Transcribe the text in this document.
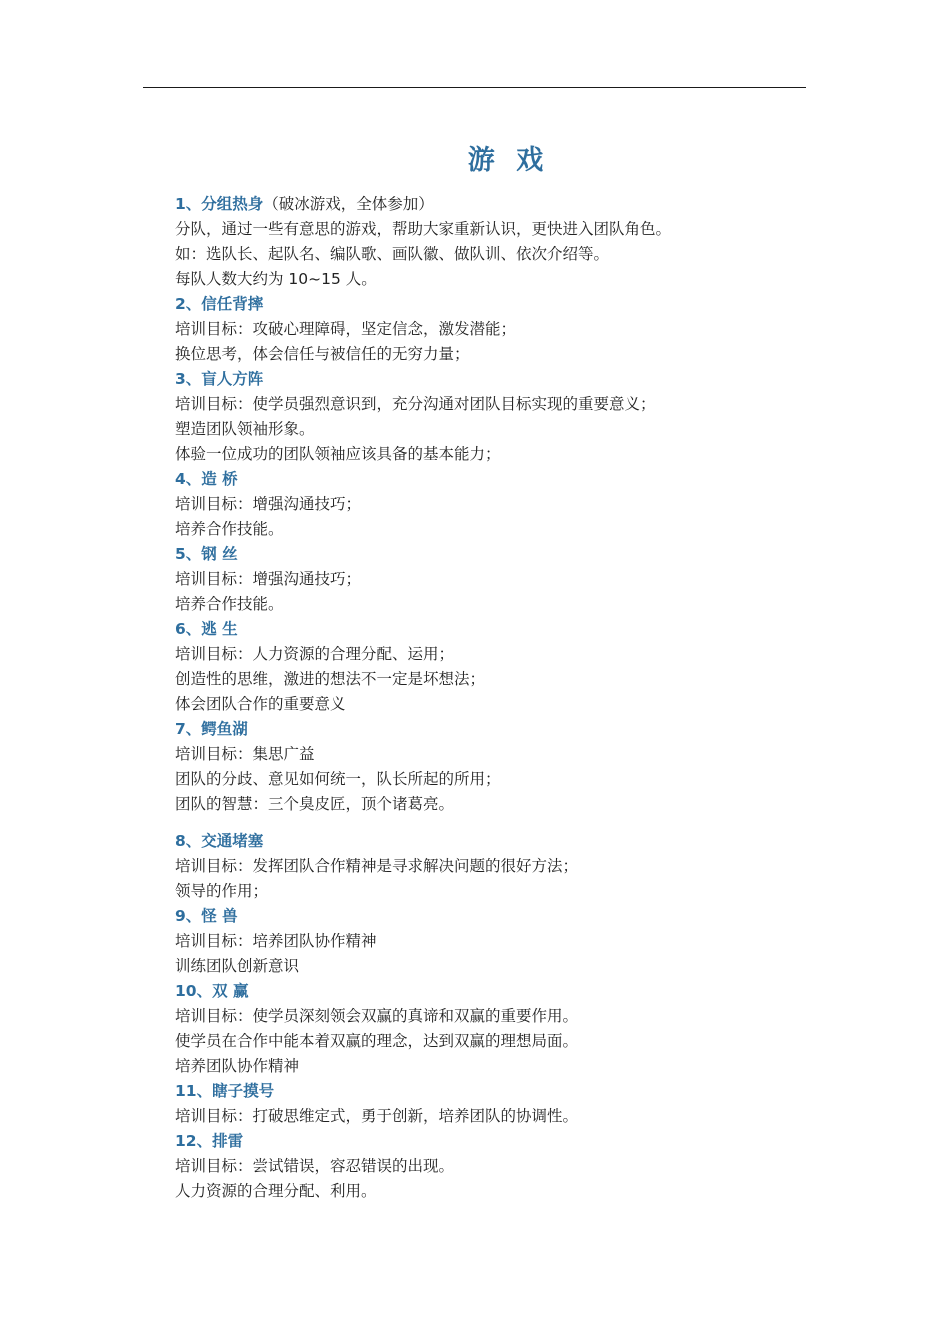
游 戏
1、分组热身（破冰游戏，全体参加）
分队，通过一些有意思的游戏，帮助大家重新认识，更快进入团队角色。
如：选队长、起队名、编队歌、画队徽、做队训、依次介绍等。
每队人数大约为 10~15 人。
2、信任背摔
培训目标：攻破心理障碍，坚定信念，激发潜能；
换位思考，体会信任与被信任的无穷力量；
3、盲人方阵
培训目标：使学员强烈意识到，充分沟通对团队目标实现的重要意义；
塑造团队领袖形象。
体验一位成功的团队领袖应该具备的基本能力；
4、造 桥
培训目标：增强沟通技巧；
培养合作技能。
5、钢 丝
培训目标：增强沟通技巧；
培养合作技能。
6、逃 生
培训目标：人力资源的合理分配、运用；
创造性的思维，激进的想法不一定是坏想法；
体会团队合作的重要意义
7、鳄鱼湖
培训目标：集思广益
团队的分歧、意见如何统一，队长所起的所用；
团队的智慧：三个臭皮匠，顶个诸葛亮。
8、交通堵塞
培训目标：发挥团队合作精神是寻求解决问题的很好方法；
领导的作用；
9、怪 兽
培训目标：培养团队协作精神
训练团队创新意识
10、双 赢
培训目标：使学员深刻领会双赢的真谛和双赢的重要作用。
使学员在合作中能本着双赢的理念，达到双赢的理想局面。
培养团队协作精神
11、瞎子摸号
培训目标：打破思维定式，勇于创新，培养团队的协调性。
12、排雷
培训目标：尝试错误，容忍错误的出现。
人力资源的合理分配、利用。
